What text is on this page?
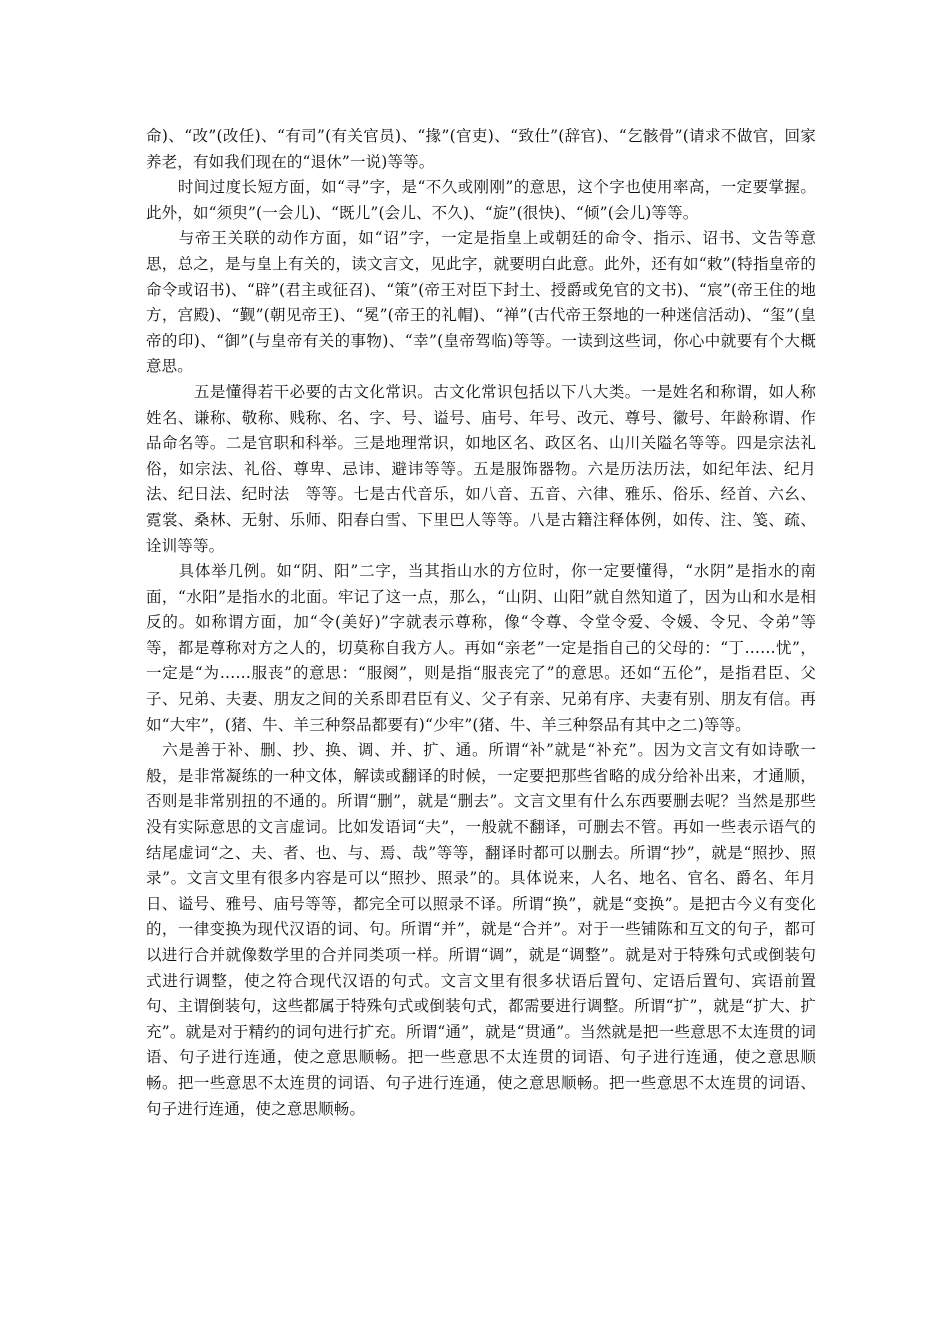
命)、“改”(改任)、“有司”(有关官员)、“掾”(官吏)、“致仕”(辞官)、“乞骸骨”(请求不做官，回家养老，有如我们现在的“退休”一说)等等。

　　时间过度长短方面，如“寻”字，是“不久或刚刚”的意思，这个字也使用率高，一定要掌握。此外，如“须臾”(一会儿)、“既儿”(会儿、不久)、“旋”(很快)、“倾”(会儿)等等。

　　与帝王关联的动作方面，如“诏”字，一定是指皇上或朝廷的命令、指示、诏书、文告等意思，总之，是与皇上有关的，读文言文，见此字，就要明白此意。此外，还有如“敕”(特指皇帝的命令或诏书)、“辟”(君主或征召)、“策”(帝王对臣下封土、授爵或免官的文书)、“宸”(帝王住的地方，宫殿)、“觐”(朝见帝王)、“冕”(帝王的礼帽)、“禅”(古代帝王祭地的一种迷信活动)、“玺”(皇帝的印)、“御”(与皇帝有关的事物)、“幸”(皇帝驾临)等等。一读到这些词，你心中就要有个大概意思。

　　　五是懂得若干必要的古文化常识。古文化常识包括以下八大类。一是姓名和称谓，如人称姓名、谦称、敬称、贱称、名、字、号、谥号、庙号、年号、改元、尊号、徽号、年龄称谓、作品命名等。二是官职和科举。三是地理常识，如地区名、政区名、山川关隘名等等。四是宗法礼俗，如宗法、礼俗、尊卑、忌讳、避讳等等。五是服饰器物。六是历法历法，如纪年法、纪月法、纪日法、纪时法　等等。七是古代音乐，如八音、五音、六律、雅乐、俗乐、经首、六幺、霓裳、桑林、无射、乐师、阳春白雪、下里巴人等等。八是古籍注释体例，如传、注、笺、疏、诠训等等。

　　具体举几例。如“阴、阳”二字，当其指山水的方位时，你一定要懂得，“水阴”是指水的南面，“水阳”是指水的北面。牢记了这一点，那么，“山阴、山阳”就自然知道了，因为山和水是相反的。如称谓方面，加“令(美好)”字就表示尊称，像“令尊、令堂令爱、令媛、令兄、令弟”等等，都是尊称对方之人的，切莫称自我方人。再如“亲老”一定是指自己的父母的：“丁……忧”，一定是“为……服丧”的意思：“服阕”，则是指“服丧完了”的意思。还如“五伦”，是指君臣、父子、兄弟、夫妻、朋友之间的关系即君臣有义、父子有亲、兄弟有序、夫妻有别、朋友有信。再如“大牢”，(猪、牛、羊三种祭品都要有)“少牢”(猪、牛、羊三种祭品有其中之二)等等。

　六是善于补、删、抄、换、调、并、扩、通。所谓“补”就是“补充”。因为文言文有如诗歌一般，是非常凝练的一种文体，解读或翻译的时候，一定要把那些省略的成分给补出来，才通顺，否则是非常别扭的不通的。所谓“删”，就是“删去”。文言文里有什么东西要删去呢？当然是那些没有实际意思的文言虚词。比如发语词“夫”，一般就不翻译，可删去不管。再如一些表示语气的结尾虚词“之、夫、者、也、与、焉、哉”等等，翻译时都可以删去。所谓“抄”，就是“照抄、照录”。文言文里有很多内容是可以“照抄、照录”的。具体说来，人名、地名、官名、爵名、年月日、谥号、雅号、庙号等等，都完全可以照录不译。所谓“换”，就是“变换”。是把古今义有变化的，一律变换为现代汉语的词、句。所谓“并”，就是“合并”。对于一些铺陈和互文的句子，都可以进行合并就像数学里的合并同类项一样。所谓“调”，就是“调整”。就是对于特殊句式或倒装句式进行调整，使之符合现代汉语的句式。文言文里有很多状语后置句、定语后置句、宾语前置句、主谓倒装句，这些都属于特殊句式或倒装句式，都需要进行调整。所谓“扩”，就是“扩大、扩充”。就是对于精约的词句进行扩充。所谓“通”，就是“贯通”。当然就是把一些意思不太连贯的词语、句子进行连通，使之意思顺畅。把一些意思不太连贯的词语、句子进行连通，使之意思顺畅。把一些意思不太连贯的词语、句子进行连通，使之意思顺畅。把一些意思不太连贯的词语、句子进行连通，使之意思顺畅。
